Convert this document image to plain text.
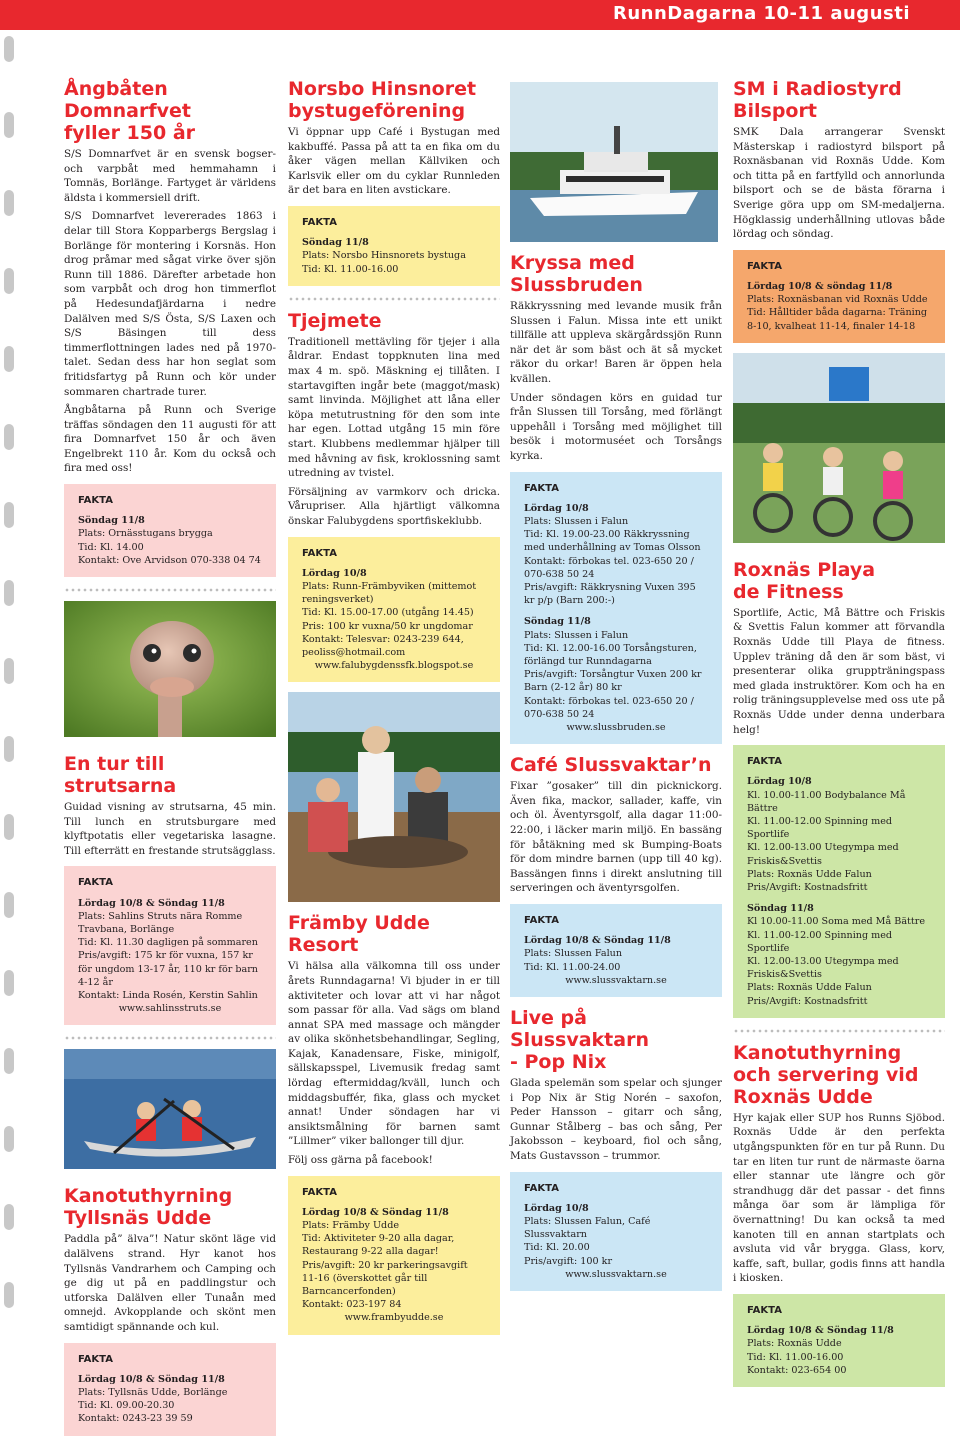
RunnDagarna 10-11 augusti
Ångbåten Domnarfvet
fyller 150 år
S/S Domnarfvet är en svensk bogser- och varpbåt med hemmahamn i Tomnäs, Borlänge. Fartyget är världens äldsta i kommersiell drift.
S/S Domnarfvet levererades 1863 i delar till Stora Kopparbergs Bergslag i Borlänge för montering i Korsnäs. Hon drog pråmar med sågat virke över sjön Runn till 1886. Därefter arbetade hon som varpbåt och drog hon timmerflot på Hedesundafjärdarna i nedre Dalälven med S/S Östa, S/S Laxen och S/S Bäsingen till dess timmerflottningen lades ned på 1970-talet. Sedan dess har hon seglat som fritidsfartyg på Runn och kör under sommaren chartrade turer.
Ångbåtarna på Runn och Sverige träffas söndagen den 11 augusti för att fira Domnarfvet 150 år och även Engelbrekt 110 år. Kom du också och fira med oss!
FAKTA
Söndag 11/8
Plats: Ornässtugans brygga
Tid: Kl. 14.00
Kontakt: Ove Arvidson 070-338 04 74
En tur till strutsarna
Guidad visning av strutsarna, 45 min. Till lunch en strutsburgare med klyftpotatis eller vegetariska lasagne. Till efterrätt en frestande strutsägglass.
FAKTA
Lördag 10/8 & Söndag 11/8
Plats: Sahlins Struts nära Romme Travbana, Borlänge
Tid: Kl. 11.30 dagligen på sommaren
Pris/avgift: 175 kr för vuxna, 157 kr för ungdom 13-17 år, 110 kr för barn 4-12 år
Kontakt: Linda Rosén, Kerstin Sahlin
www.sahlinsstruts.se
Kanotuthyrning
Tyllsnäs Udde
Paddla på” älva”! Natur skönt läge vid dalälvens strand. Hyr kanot hos Tyllsnäs Vandrarhem och Camping och ge dig ut på en paddlingstur och utforska Dalälven eller Tunaån med omnejd. Avkopplande och skönt men samtidigt spännande och kul.
FAKTA
Lördag 10/8 & Söndag 11/8
Plats: Tyllsnäs Udde, Borlänge
Tid: Kl. 09.00-20.30
Kontakt: 0243-23 39 59
Norsbo Hinsnoret
bystugeförening
Vi öppnar upp Café i Bystugan med kakbuffé. Passa på att ta en fika om du åker vägen mellan Källviken och Karlsvik eller om du cyklar Runnleden är det bara en liten avstickare.
FAKTA
Söndag 11/8
Plats: Norsbo Hinsnorets bystuga
Tid: Kl. 11.00-16.00
Tjejmete
Traditionell mettävling för tjejer i alla åldrar. Endast toppknuten lina med max 4 m. spö. Mäskning ej tillåten. I startavgiften ingår bete (maggot/mask) samt linvinda. Möjlighet att låna eller köpa metutrustning för den som inte har egen. Lottad utgång 15 min före start. Klubbens medlemmar hjälper till med håvning av fisk, kroklossning samt utredning av tvistel.
Försäljning av varmkorv och dricka. Vårupriser. Alla hjärtligt välkomna önskar Falubygdens sportfiskeklubb.
FAKTA
Lördag 10/8
Plats: Runn-Främbyviken (mittemot reningsverket)
Tid: Kl. 15.00-17.00 (utgång 14.45)
Pris: 100 kr vuxna/50 kr ungdomar
Kontakt: Telesvar: 0243-239 644, peoliss@hotmail.com
www.falubygdenssfk.blogspot.se
Främby Udde Resort
Vi hälsa alla välkomna till oss under årets Runndagarna! Vi bjuder in er till aktiviteter och lovar att vi har något som passar för alla. Vad sägs om bland annat SPA med massage och mängder av olika skönhetsbehandlingar, Segling, Kajak, Kanadensare, Fiske, minigolf, sällskapsspel, Livemusik fredag samt lördag eftermiddag/kväll, lunch och middagsbuffér, fika, glass och mycket annat! Under söndagen har vi ansiktsmålning för barnen samt ”Lillmer” viker ballonger till djur.
Följ oss gärna på facebook!
FAKTA
Lördag 10/8 & Söndag 11/8
Plats: Främby Udde
Tid: Aktiviteter 9-20 alla dagar, Restaurang 9-22 alla dagar!
Pris/avgift: 20 kr parkeringsavgift 11-16 (överskottet går till Barncancerfonden)
Kontakt: 023-197 84
www.frambyudde.se
Kryssa med Slussbruden
Räkkryssning med levande musik från Slussen i Falun. Missa inte ett unikt tillfälle att uppleva skärgårdssjön Runn när det är som bäst och ät så mycket räkor du orkar! Baren är öppen hela kvällen.
Under söndagen körs en guidad tur från Slussen till Torsång, med förlängt uppehåll i Torsång med möjlighet till besök i motormuséet och Torsångs kyrka.
FAKTA
Lördag 10/8
Plats: Slussen i Falun
Tid: Kl. 19.00-23.00 Räkkryssning med underhållning av Tomas Olsson
Kontakt: förbokas tel. 023-650 20 / 070-638 50 24
Pris/avgift: Räkkrysning Vuxen 395 kr p/p (Barn 200:-)
Söndag 11/8
Plats: Slussen i Falun
Tid: Kl. 12.00-16.00 Torsångsturen, förlängd tur Runndagarna
Pris/avgift: Torsångtur Vuxen 200 kr Barn (2-12 år) 80 kr
Kontakt: förbokas tel. 023-650 20 / 070-638 50 24
www.slussbruden.se
Café Slussvaktar’n
Fixar ”gosaker” till din picknickorg. Även fika, mackor, sallader, kaffe, vin och öl. Äventyrsgolf, alla dagar 11:00-22:00, i läcker marin miljö. En bassäng för båtäkning med sk Bumping-Boats för dom mindre barnen (upp till 40 kg). Bassängen finns i direkt anslutning till serveringen och äventyrsgolfen.
FAKTA
Lördag 10/8 & Söndag 11/8
Plats: Slussen Falun
Tid: Kl. 11.00-24.00
www.slussvaktarn.se
Live på Slussvaktarn
- Pop Nix
Glada spelemän som spelar och sjunger i Pop Nix är Stig Norén – saxofon, Peder Hansson – gitarr och sång, Gunnar Stålberg – bas och sång, Per Jakobsson – keyboard, fiol och sång, Mats Gustavsson – trummor.
FAKTA
Lördag 10/8
Plats: Slussen Falun, Café Slussvaktarn
Tid: Kl. 20.00
Pris/avgift: 100 kr
www.slussvaktarn.se
SM i Radiostyrd Bilsport
SMK Dala arrangerar Svenskt Mästerskap i radiostyrd bilsport på Roxnäsbanan vid Roxnäs Udde. Kom och titta på en fartfylld och annorlunda bilsport och se de bästa förarna i Sverige göra upp om SM-medaljerna. Högklassig underhållning utlovas både lördag och söndag.
FAKTA
Lördag 10/8 & söndag 11/8
Plats: Roxnäsbanan vid Roxnäs Udde
Tid: Hålltider båda dagarna: Träning 8-10, kvalheat 11-14, finaler 14-18
Roxnäs Playa
de Fitness
Sportlife, Actic, Må Bättre och Friskis & Svettis Falun kommer att förvandla Roxnäs Udde till Playa de fitness. Upplev träning då den är som bäst, vi presenterar olika gruppträningspass med glada instruktörer. Kom och ha en rolig träningsupplevelse med oss ute på Roxnäs Udde under denna underbara helg!
FAKTA
Lördag 10/8
Kl. 10.00-11.00 Bodybalance Må Bättre
Kl. 11.00-12.00 Spinning med Sportlife
Kl. 12.00-13.00 Utegympa med Friskis&Svettis
Plats: Roxnäs Udde Falun
Pris/Avgift: Kostnadsfritt
Söndag 11/8
Kl 10.00-11.00 Soma med Må Bättre
Kl. 11.00-12.00 Spinning med Sportlife
Kl. 12.00-13.00 Utegympa med Friskis&Svettis
Plats: Roxnäs Udde Falun
Pris/Avgift: Kostnadsfritt
Kanotuthyrning
och servering vid
Roxnäs Udde
Hyr kajak eller SUP hos Runns Sjöbod. Roxnäs Udde är den perfekta utgångspunkten för en tur på Runn. Du tar en liten tur runt de närmaste öarna eller stannar ute längre och gör strandhugg där det passar - det finns många öar som är lämpliga för övernattning! Du kan också ta med kanoten till en annan startplats och avsluta vid vår brygga. Glass, korv, kaffe, saft, bullar, godis finns att handla i kiosken.
FAKTA
Lördag 10/8 & Söndag 11/8
Plats: Roxnäs Udde
Tid: Kl. 11.00-16.00
Kontakt: 023-654 00
